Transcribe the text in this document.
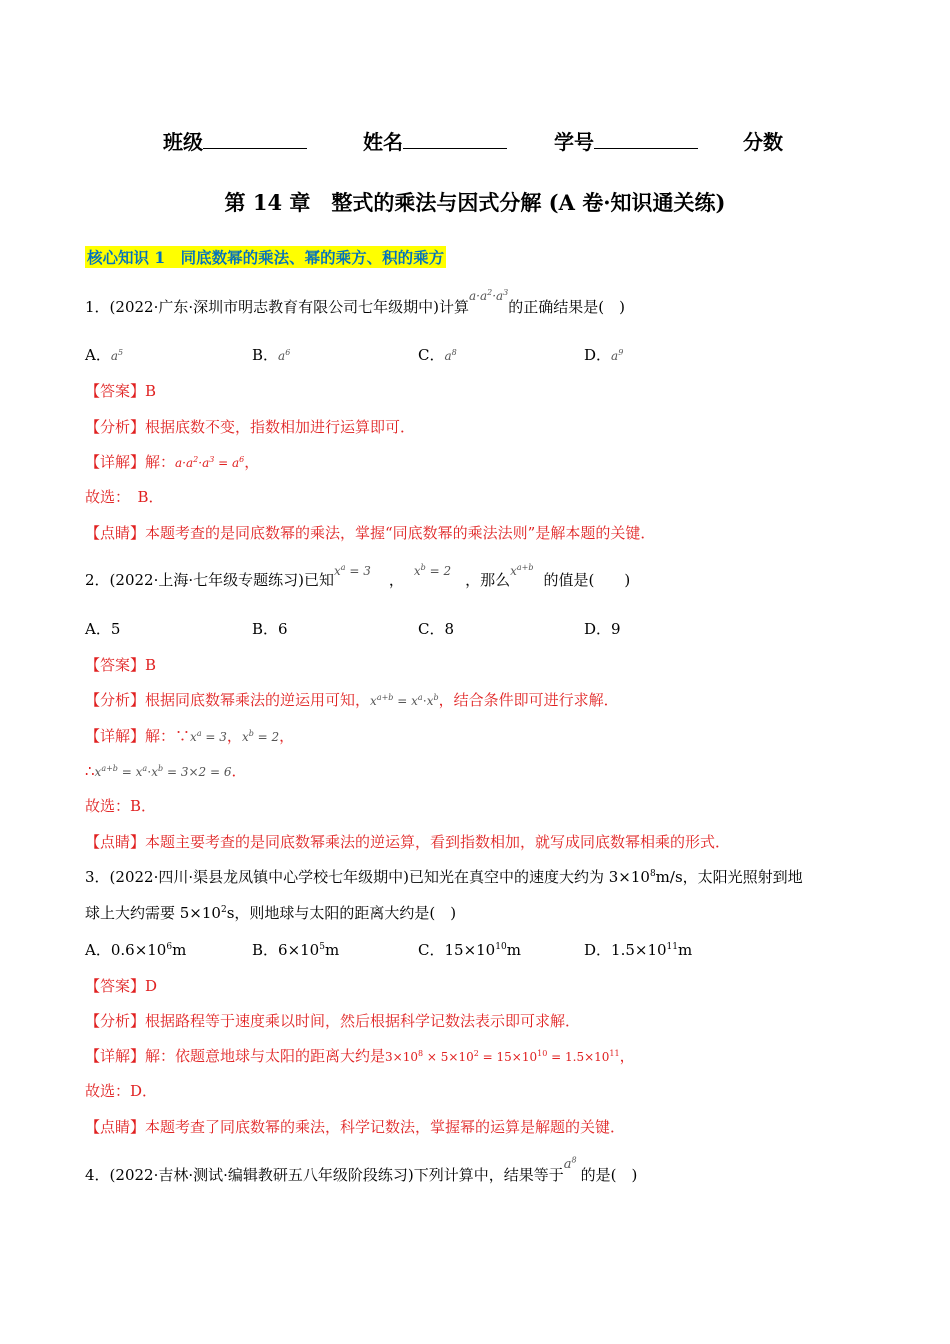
班级	姓名	学号	分数
第 14 章　整式的乘法与因式分解 (A 卷·知识通关练)
核心知识 1　同底数幂的乘法、幂的乘方、积的乘方
1．(2022·广东·深圳市明志教育有限公司七年级期中)计算$^{a\cdot a^2\cdot a^3}$的正确结果是(　)
A．$a^5$	B．$a^6$	C．$a^8$	D．$a^9$
【答案】B
【分析】根据底数不变，指数相加进行运算即可．
【详解】解：$a\cdot a^2\cdot a^3 = a^6$，
故选：　B．
【点睛】本题考查的是同底数幂的乘法，掌握“同底数幂的乘法法则”是解本题的关键．
2．(2022·上海·七年级专题练习)已知$^{x^a = 3}$ ， $^{x^b = 2}$ ，那么$^{x^{a+b}}$的值是(　　)
A．5	B．6	C．8	D．9
【答案】B
【分析】根据同底数幂乘法的逆运用可知，$x^{a+b} = x^a\cdot x^b$，结合条件即可进行求解．
【详解】解：$\because x^a = 3$，$x^b = 2$，
$\therefore x^{a+b} = x^a\cdot x^b = 3\times 2 = 6$．
故选：B．
【点睛】本题主要考查的是同底数幂乘法的逆运算，看到指数相加，就写成同底数幂相乘的形式．
3．(2022·四川·渠县龙凤镇中心学校七年级期中)已知光在真空中的速度大约为 $3\times 10^8m/s$，太阳光照射到地
球上大约需要 $5\times 10^2s$，则地球与太阳的距离大约是(　)
A．$0.6\times 10^6m$	B．$6\times 10^5m$	C．$15\times 10^{10}m$	D．$1.5\times 10^{11}m$
【答案】D
【分析】根据路程等于速度乘以时间，然后根据科学记数法表示即可求解．
【详解】解：依题意地球与太阳的距离大约是$3\times 10^8 \times 5\times 10^2 = 15\times 10^{10} = 1.5\times 10^{11}$，
故选：D．
【点睛】本题考查了同底数幂的乘法，科学记数法，掌握幂的运算是解题的关键．
4．(2022·吉林·测试·编辑教研五八年级阶段练习)下列计算中，结果等于$a^8$的是(　)
